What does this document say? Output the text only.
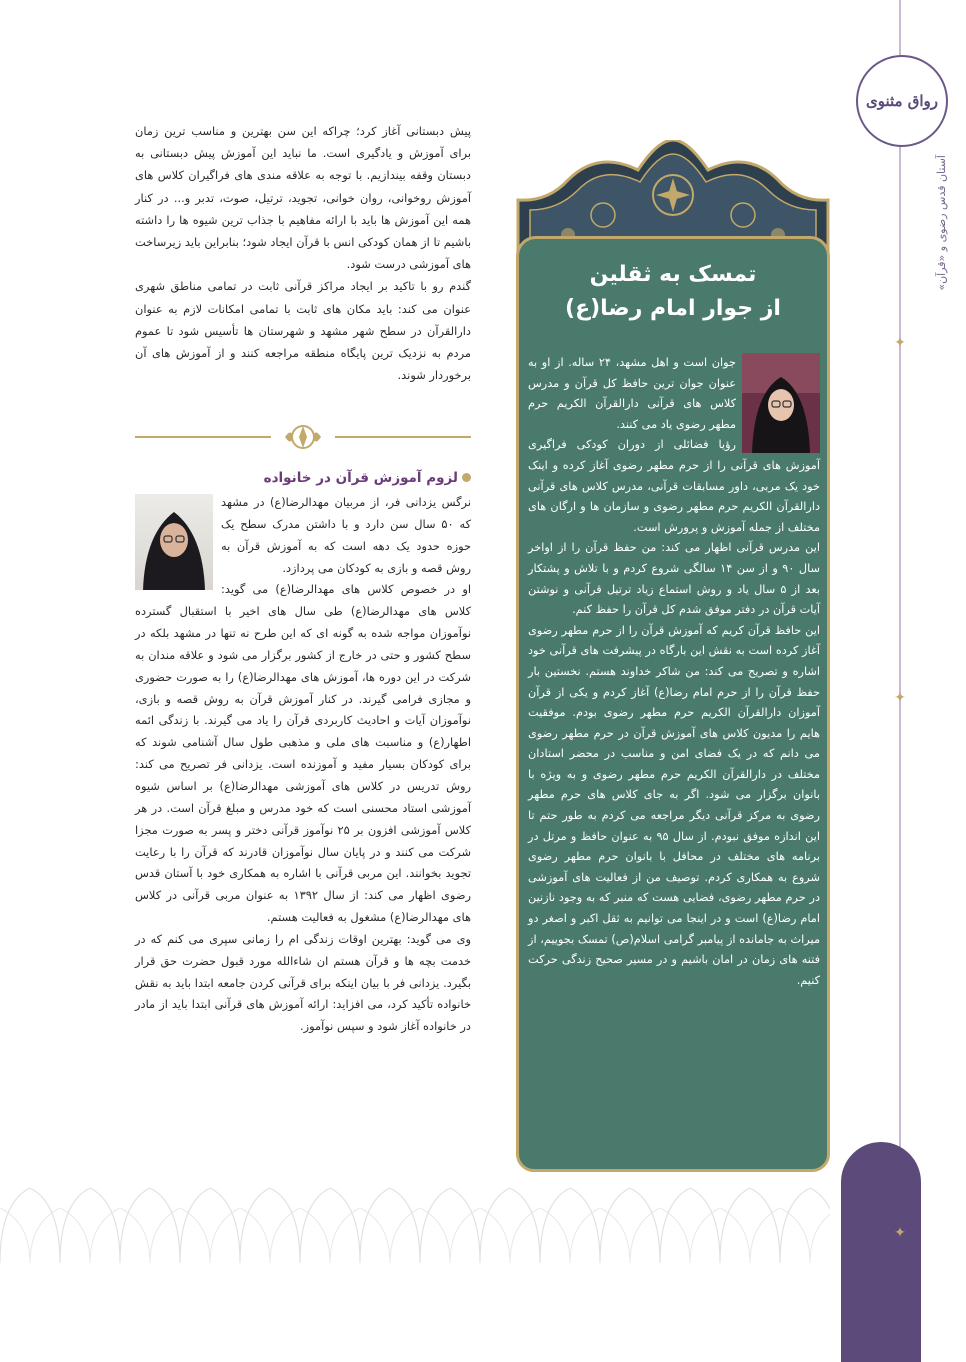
رواق مثنوی
آستان قدس رضوی و «قرآن»
✦
✦
✦
۲۳۰
پیش دبستانی آغاز کرد؛ چراکه این سن بهترین و مناسب ترین زمان برای آموزش و یادگیری است. ما نباید این آموزش پیش دبستانی به دبستان وقفه بیندازیم. با توجه به علاقه مندی های فراگیران کلاس های آموزش روخوانی، روان خوانی، تجوید، ترتیل، صوت، تدبر و... در کنار همه این آموزش ها باید با ارائه مفاهیم با جذاب ترین شیوه ها را داشته باشیم تا از همان کودکی انس با قرآن ایجاد شود؛ بنابراین باید زیرساخت های آموزشی درست شود.
گندم رو با تاکید بر ایجاد مراکز قرآنی ثابت در تمامی مناطق شهری عنوان می کند: باید مکان های ثابت با تمامی امکانات لازم به عنوان دارالقرآن در سطح شهر مشهد و شهرستان ها تأسیس شود تا عموم مردم به نزدیک ترین پایگاه منطقه مراجعه کنند و از آموزش های آن برخوردار شوند.
لزوم آموزش قرآن در خانواده
نرگس یزدانی فر، از مربیان مهدالرضا(ع) در مشهد که ۵۰ سال سن دارد و با داشتن مدرک سطح یک حوزه حدود یک دهه است که به آموزش قرآن به روش قصه و بازی به کودکان می پردازد.
او در خصوص کلاس های مهدالرضا(ع) می گوید: کلاس های مهدالرضا(ع) طی سال های اخیر با استقبال گسترده نوآموزان مواجه شده به گونه ای که این طرح نه تنها در مشهد بلکه در سطح کشور و حتی در خارج از کشور برگزار می شود و علاقه مندان به شرکت در این دوره ها، آموزش های مهدالرضا(ع) را به صورت حضوری و مجازی فرامی گیرند. در کنار آموزش قرآن به روش قصه و بازی، نوآموزان آیات و احادیث کاربردی قرآن را یاد می گیرند. با زندگی ائمه اطهار(ع) و مناسبت های ملی و مذهبی طول سال آشنامی شوند که برای کودکان بسیار مفید و آموزنده است. یزدانی فر تصریح می کند: روش تدریس در کلاس های آموزشی مهدالرضا(ع) بر اساس شیوه آموزشی استاد محسنی است که خود مدرس و مبلغ قرآن است. در هر کلاس آموزشی افزون بر ۲۵ نوآموز قرآنی دختر و پسر به صورت مجزا شرکت می کنند و در پایان سال نوآموزان قادرند که قرآن را با رعایت تجوید بخوانند. این مربی قرآنی با اشاره به همکاری خود با آستان قدس رضوی اظهار می کند: از سال ۱۳۹۲ به عنوان مربی قرآنی در کلاس های مهدالرضا(ع) مشغول به فعالیت هستم.
وی می گوید: بهترین اوقات زندگی ام را زمانی سپری می کنم که در خدمت بچه ها و قرآن هستم ان شاءالله مورد قبول حضرت حق قرار بگیرد. یزدانی فر با بیان اینکه برای قرآنی کردن جامعه ابتدا باید به نقش خانواده تأکید کرد، می افزاید: ارائه آموزش های قرآنی ابتدا باید از مادر در خانواده آغاز شود و سپس نوآموز.
تمسک به ثقلین
از جوار امام رضا(ع)
جوان است و اهل مشهد، ۲۴ ساله. از او به عنوان جوان ترین حافظ کل قرآن و مدرس کلاس های قرآنی دارالقرآن الکریم حرم مطهر رضوی یاد می کنند.
رؤیا فضائلی از دوران کودکی فراگیری آموزش های قرآنی را از حرم مطهر رضوی آغاز کرده و اینک خود یک مربی، داور مسابقات قرآنی، مدرس کلاس های قرآنی دارالقرآن الکریم حرم مطهر رضوی و سازمان ها و ارگان های مختلف از جمله آموزش و پرورش است.
این مدرس قرآنی اظهار می کند: من حفظ قرآن را از اواخر سال ۹۰ و از سن ۱۴ سالگی شروع کردم و با تلاش و پشتکار بعد از ۵ سال یاد و روش استماع زیاد ترتیل قرآنی و نوشتن آیات قرآن در دفتر موفق شدم کل قرآن را حفظ کنم.
این حافظ قرآن کریم که آموزش قرآن را از حرم مطهر رضوی آغاز کرده است به نقش این بارگاه در پیشرفت های قرآنی خود اشاره و تصریح می کند: من شاکر خداوند هستم. نخستین بار حفظ قرآن را از حرم امام رضا(ع) آغاز کردم و یکی از قرآن آموزان دارالقرآن الکریم حرم مطهر رضوی بودم. موفقیت هایم را مدیون کلاس های آموزش قرآن در حرم مطهر رضوی می دانم که در یک فضای امن و مناسب در محضر استادان مختلف در دارالقرآن الکریم حرم مطهر رضوی و به ویژه با بانوان برگزار می شود. اگر به جای کلاس های حرم مطهر رضوی به مرکز قرآنی دیگر مراجعه می کردم به طور حتم تا این اندازه موفق نبودم. از سال ۹۵ به عنوان حافظ و مرتل در برنامه های مختلف در محافل با بانوان حرم مطهر رضوی شروع به همکاری کردم. توصیف من از فعالیت های آموزشی در حرم مطهر رضوی، فضایی هست که منبر که به وجود نازنین امام رضا(ع) است و در اینجا می توانیم به ثقل اکبر و اصغر دو میراث به جامانده از پیامبر گرامی اسلام(ص) تمسک بجوییم، از فتنه های زمان در امان باشیم و در مسیر صحیح زندگی حرکت کنیم.
